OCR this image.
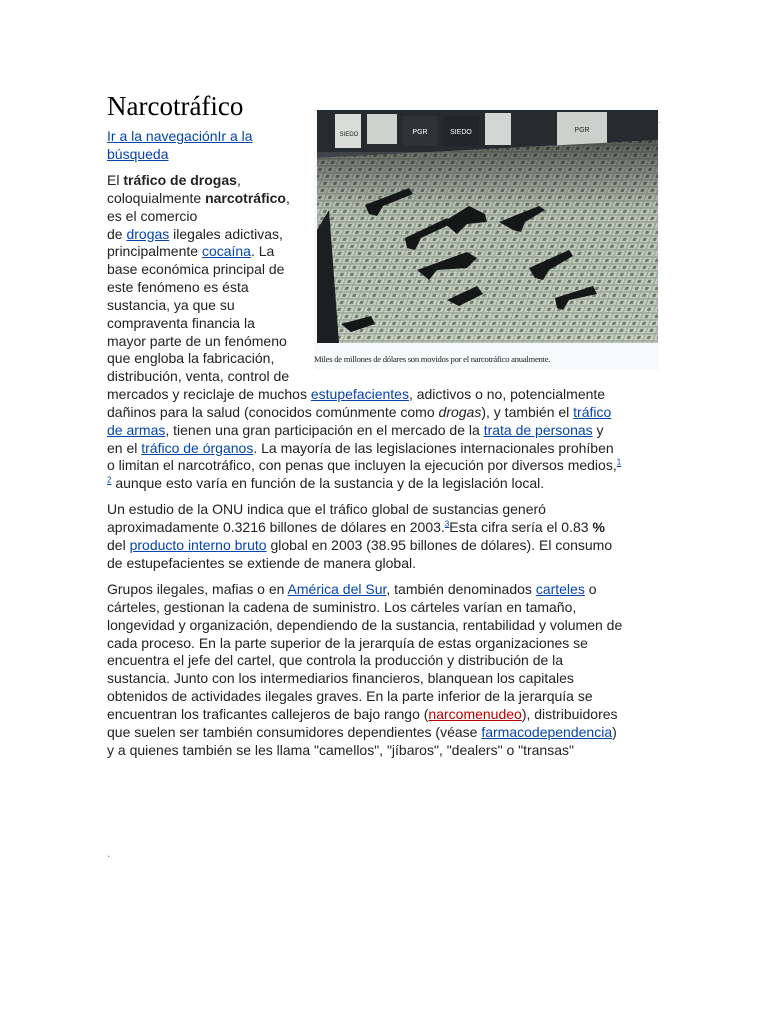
Narcotráfico
Ir a la navegaciónIr a la
búsqueda
SIEDO	PGR	SIEDO	PGR
Miles de millones de dólares son movidos por el narcotráfico anualmente.
El tráfico de drogas,
coloquialmente narcotráfico,
es el comercio
de drogas ilegales adictivas,
principalmente cocaína. La
base económica principal de
este fenómeno es ésta
sustancia, ya que su
compraventa financia la
mayor parte de un fenómeno
que engloba la fabricación,
distribución, venta, control de
mercados y reciclaje de muchos estupefacientes, adictivos o no, potencialmente
dañinos para la salud (conocidos comúnmente como drogas), y también el tráfico
de armas, tienen una gran participación en el mercado de la trata de personas y
en el tráfico de órganos. La mayoría de las legislaciones internacionales prohíben
o limitan el narcotráfico, con penas que incluyen la ejecución por diversos medios,$^1$
$^2$ aunque esto varía en función de la sustancia y de la legislación local.
Un estudio de la ONU indica que el tráfico global de sustancias generó
aproximadamente 0.3216 billones de dólares en 2003.$^3$Esta cifra sería el 0.83 %
del producto interno bruto global en 2003 (38.95 billones de dólares). El consumo
de estupefacientes se extiende de manera global.
Grupos ilegales, mafias o en América del Sur, también denominados carteles o
cárteles, gestionan la cadena de suministro. Los cárteles varían en tamaño,
longevidad y organización, dependiendo de la sustancia, rentabilidad y volumen de
cada proceso. En la parte superior de la jerarquía de estas organizaciones se
encuentra el jefe del cartel, que controla la producción y distribución de la
sustancia. Junto con los intermediarios financieros, blanquean los capitales
obtenidos de actividades ilegales graves. En la parte inferior de la jerarquía se
encuentran los traficantes callejeros de bajo rango (narcomenudeo), distribuidores
que suelen ser también consumidores dependientes (véase farmacodependencia)
y a quienes también se les llama "camellos", "jíbaros", "dealers" o "transas"
.
